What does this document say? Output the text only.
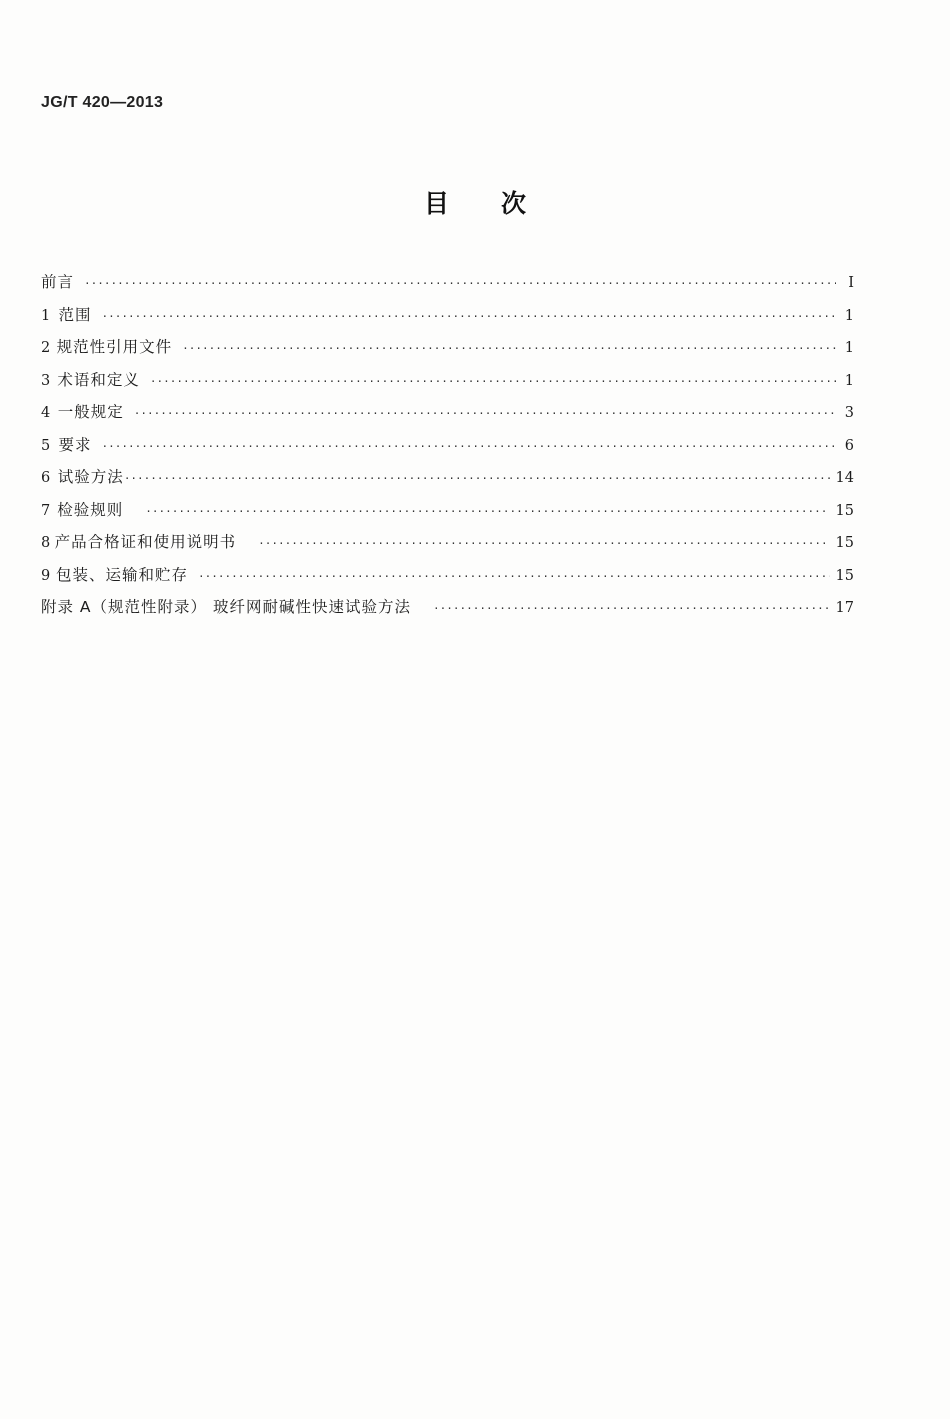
JG/T 420—2013
目 次
前言 ·····	Ⅰ
1 范围 ·····	1
2 规范性引用文件 ·····	1
3 术语和定义 ·····	1
4 一般规定 ·····	3
5 要求 ·····	6
6 试验方法 ·····	14
7 检验规则 ·····	15
8 产品合格证和使用说明书 ·····	15
9 包装、运输和贮存 ·····	15
附录 A（规范性附录） 玻纤网耐碱性快速试验方法 ·····	17
